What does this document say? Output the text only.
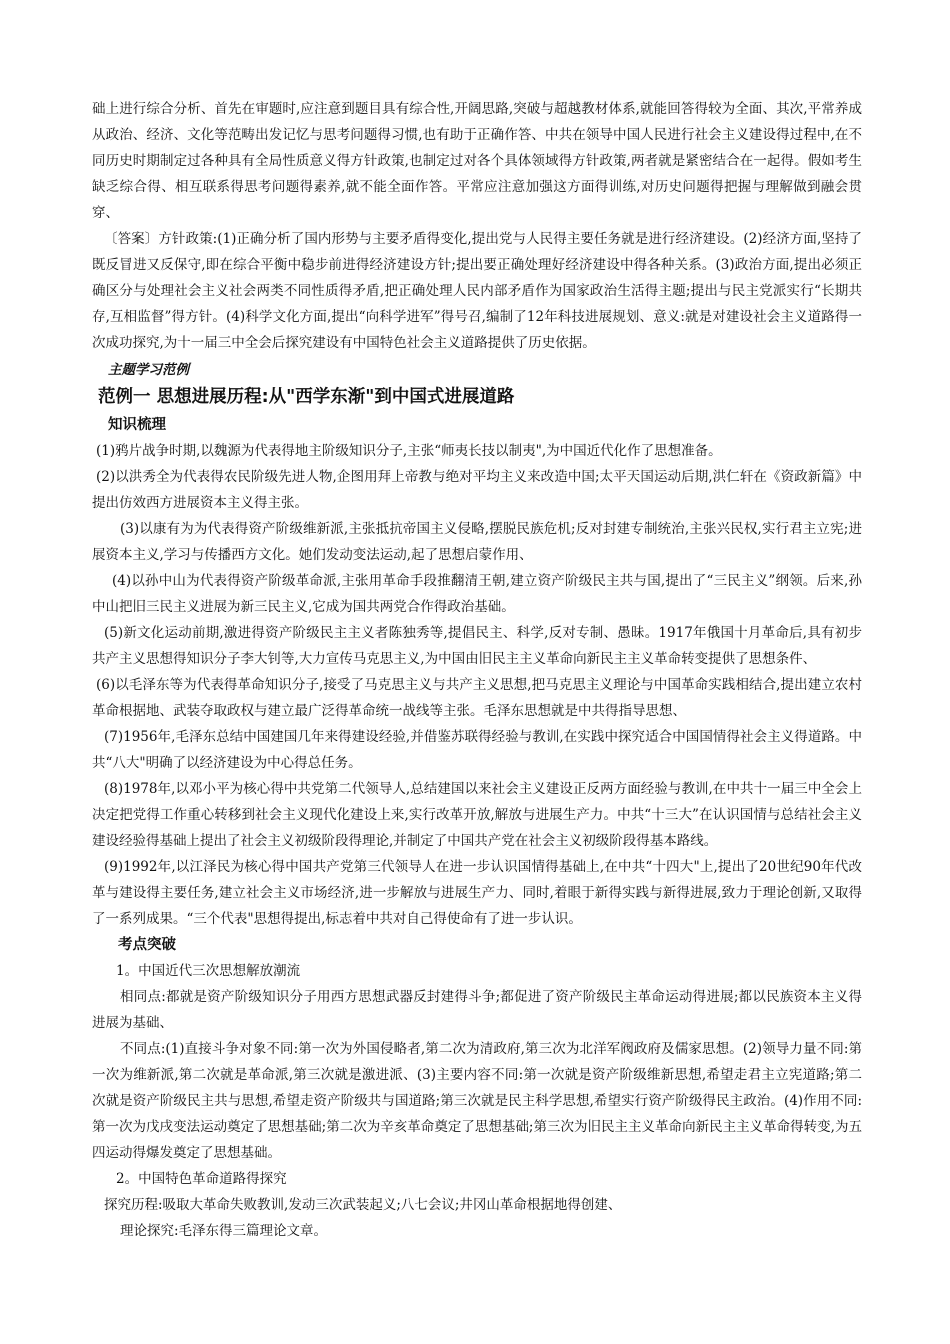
础上进行综合分析、首先在审题时,应注意到题目具有综合性,开阔思路,突破与超越教材体系,就能回答得较为全面、其次,平常养成从政治、经济、文化等范畴出发记忆与思考问题得习惯,也有助于正确作答、中共在领导中国人民进行社会主义建设得过程中,在不同历史时期制定过各种具有全局性质意义得方针政策,也制定过对各个具体领域得方针政策,两者就是紧密结合在一起得。假如考生缺乏综合得、相互联系得思考问题得素养,就不能全面作答。平常应注意加强这方面得训练,对历史问题得把握与理解做到融会贯穿、

〔答案〕方针政策:(1)正确分析了国内形势与主要矛盾得变化,提出党与人民得主要任务就是进行经济建设。(2)经济方面,坚持了既反冒进又反保守,即在综合平衡中稳步前进得经济建设方针;提出要正确处理好经济建设中得各种关系。(3)政治方面,提出必须正确区分与处理社会主义社会两类不同性质得矛盾,把正确处理人民内部矛盾作为国家政治生活得主题;提出与民主党派实行“长期共存,互相监督”得方针。(4)科学文化方面,提出“向科学进军”得号召,编制了12年科技进展规划、意义:就是对建设社会主义道路得一次成功探究,为十一届三中全会后探究建设有中国特色社会主义道路提供了历史依据。

主题学习范例
范例一 思想进展历程:从"西学东渐"到中国式进展道路
知识梳理

(1)鸦片战争时期,以魏源为代表得地主阶级知识分子,主张“师夷长技以制夷",为中国近代化作了思想准备。

(2)以洪秀全为代表得农民阶级先进人物,企图用拜上帝教与绝对平均主义来改造中国;太平天国运动后期,洪仁轩在《资政新篇》中提出仿效西方进展资本主义得主张。

(3)以康有为为代表得资产阶级维新派,主张抵抗帝国主义侵略,摆脱民族危机;反对封建专制统治,主张兴民权,实行君主立宪;进展资本主义,学习与传播西方文化。她们发动变法运动,起了思想启蒙作用、

(4)以孙中山为代表得资产阶级革命派,主张用革命手段推翻清王朝,建立资产阶级民主共与国,提出了“三民主义”纲领。后来,孙中山把旧三民主义进展为新三民主义,它成为国共两党合作得政治基础。

(5)新文化运动前期,激进得资产阶级民主主义者陈独秀等,提倡民主、科学,反对专制、愚昧。1917年俄国十月革命后,具有初步共产主义思想得知识分子李大钊等,大力宣传马克思主义,为中国由旧民主主义革命向新民主主义革命转变提供了思想条件、

(6)以毛泽东等为代表得革命知识分子,接受了马克思主义与共产主义思想,把马克思主义理论与中国革命实践相结合,提出建立农村革命根据地、武装夺取政权与建立最广泛得革命统一战线等主张。毛泽东思想就是中共得指导思想、

(7)1956年,毛泽东总结中国建国几年来得建设经验,并借鉴苏联得经验与教训,在实践中探究适合中国国情得社会主义得道路。中共“八大"明确了以经济建设为中心得总任务。

(8)1978年,以邓小平为核心得中共党第二代领导人,总结建国以来社会主义建设正反两方面经验与教训,在中共十一届三中全会上决定把党得工作重心转移到社会主义现代化建设上来,实行改革开放,解放与进展生产力。中共“十三大”在认识国情与总结社会主义建设经验得基础上提出了社会主义初级阶段得理论,并制定了中国共产党在社会主义初级阶段得基本路线。

(9)1992年,以江泽民为核心得中国共产党第三代领导人在进一步认识国情得基础上,在中共“十四大"上,提出了20世纪90年代改革与建设得主要任务,建立社会主义市场经济,进一步解放与进展生产力、同时,着眼于新得实践与新得进展,致力于理论创新,又取得了一系列成果。“三个代表"思想得提出,标志着中共对自己得使命有了进一步认识。

考点突破

1。中国近代三次思想解放潮流

相同点:都就是资产阶级知识分子用西方思想武器反封建得斗争;都促进了资产阶级民主革命运动得进展;都以民族资本主义得进展为基础、

不同点:(1)直接斗争对象不同:第一次为外国侵略者,第二次为清政府,第三次为北洋军阀政府及儒家思想。(2)领导力量不同:第一次为维新派,第二次就是革命派,第三次就是激进派、(3)主要内容不同:第一次就是资产阶级维新思想,希望走君主立宪道路;第二次就是资产阶级民主共与思想,希望走资产阶级共与国道路;第三次就是民主科学思想,希望实行资产阶级得民主政治。(4)作用不同:第一次为戊戌变法运动奠定了思想基础;第二次为辛亥革命奠定了思想基础;第三次为旧民主主义革命向新民主主义革命得转变,为五四运动得爆发奠定了思想基础。

2。中国特色革命道路得探究

探究历程:吸取大革命失败教训,发动三次武装起义;八七会议;井冈山革命根据地得创建、

理论探究:毛泽东得三篇理论文章。
